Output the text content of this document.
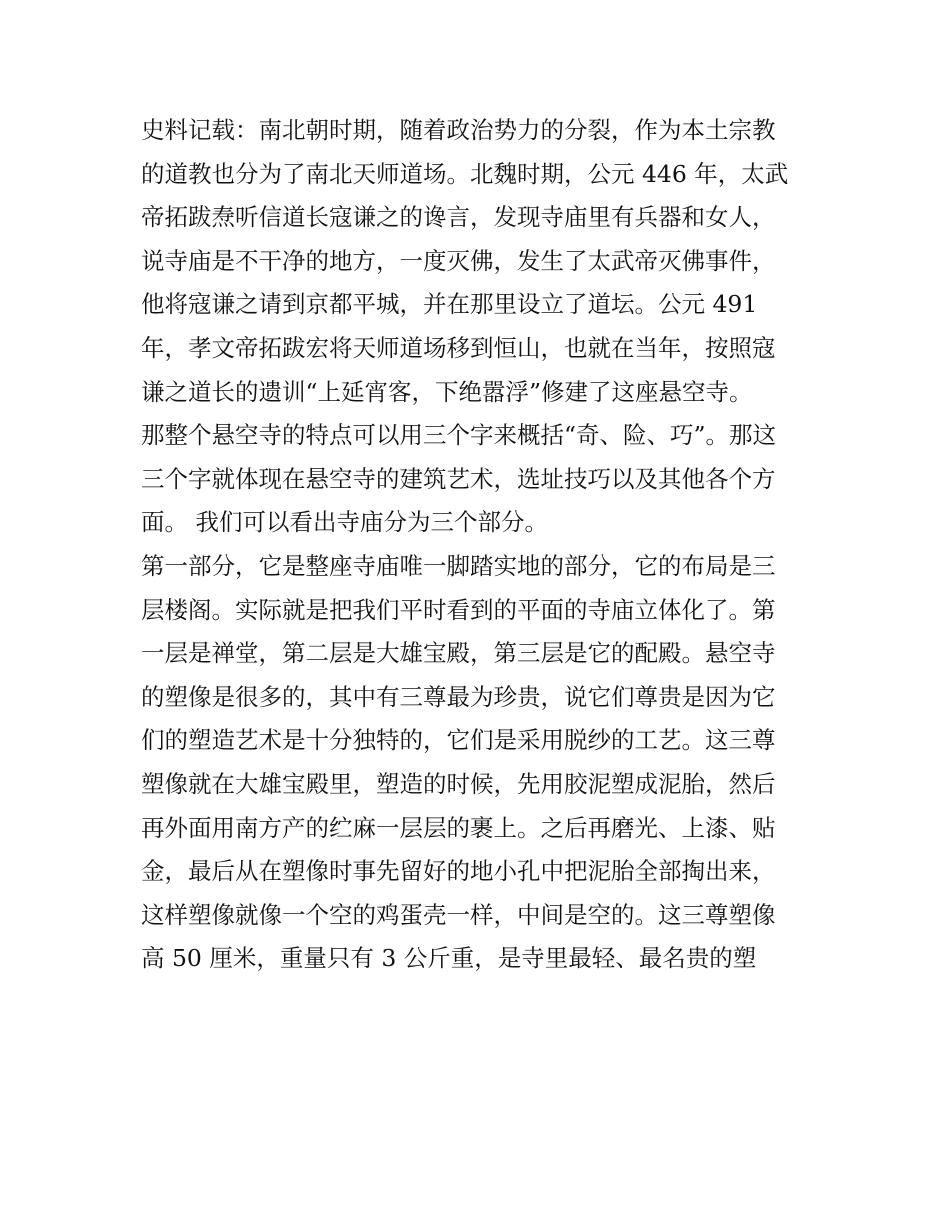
史料记载：南北朝时期，随着政治势力的分裂，作为本土宗教
的道教也分为了南北天师道场。北魏时期，公元 446 年，太武
帝拓跋焘听信道长寇谦之的谗言，发现寺庙里有兵器和女人，
说寺庙是不干净的地方，一度灭佛，发生了太武帝灭佛事件，
他将寇谦之请到京都平城，并在那里设立了道坛。公元 491
年，孝文帝拓跋宏将天师道场移到恒山，也就在当年，按照寇
谦之道长的遗训“上延宵客，下绝嚣浮”修建了这座悬空寺。
那整个悬空寺的特点可以用三个字来概括“奇、险、巧”。那这
三个字就体现在悬空寺的建筑艺术，选址技巧以及其他各个方
面。 我们可以看出寺庙分为三个部分。
第一部分，它是整座寺庙唯一脚踏实地的部分，它的布局是三
层楼阁。实际就是把我们平时看到的平面的寺庙立体化了。第
一层是禅堂，第二层是大雄宝殿，第三层是它的配殿。悬空寺
的塑像是很多的，其中有三尊最为珍贵，说它们尊贵是因为它
们的塑造艺术是十分独特的，它们是采用脱纱的工艺。这三尊
塑像就在大雄宝殿里，塑造的时候，先用胶泥塑成泥胎，然后
再外面用南方产的纻麻一层层的裹上。之后再磨光、上漆、贴
金，最后从在塑像时事先留好的地小孔中把泥胎全部掏出来，
这样塑像就像一个空的鸡蛋壳一样，中间是空的。这三尊塑像
高 50 厘米，重量只有 3 公斤重，是寺里最轻、最名贵的塑
